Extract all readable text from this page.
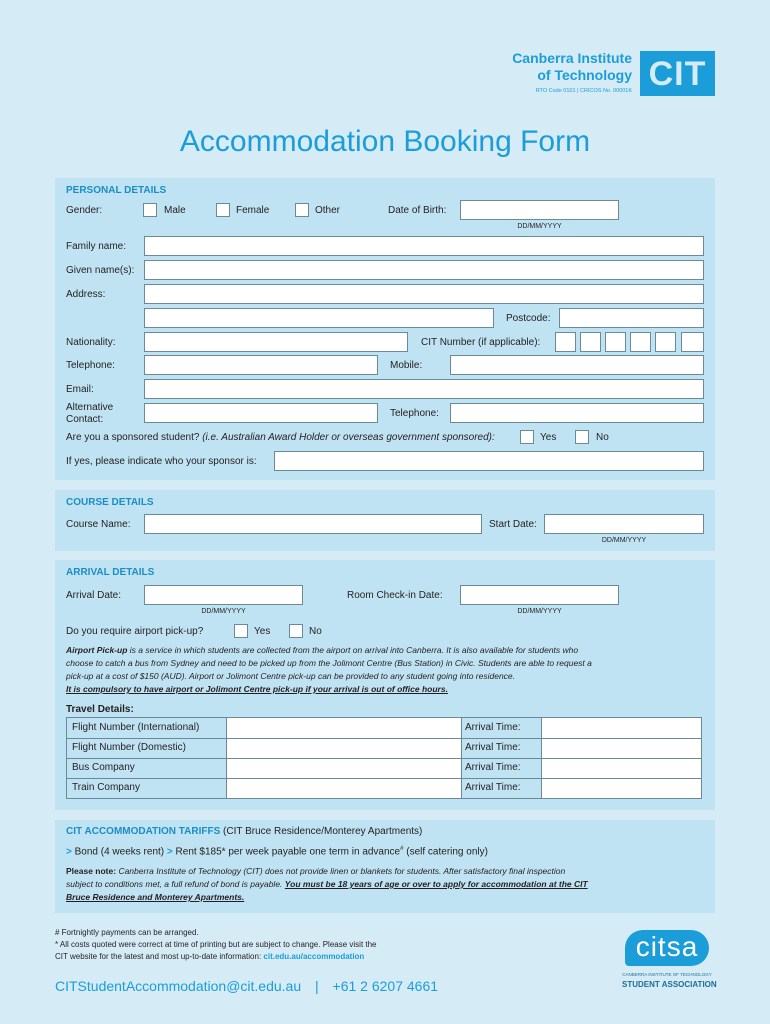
Canberra Institute
of Technology CIT
RTO Code 0101 | CRICOS No. 00001K
Accommodation Booking Form
PERSONAL DETAILS
Gender:	Male	Female	Other	Date of Birth:
DD/MM/YYYY
Family name:
Given name(s):
Address:
Postcode:
Nationality:	CIT Number (if applicable):
Telephone:	Mobile:
Email:
Alternative
Contact:
Telephone:
Are you a sponsored student? (i.e. Australian Award Holder or overseas government sponsored):	Yes	No
If yes, please indicate who your sponsor is:
COURSE DETAILS
Course Name:	Start Date:
DD/MM/YYYY
ARRIVAL DETAILS
Arrival Date:
DD/MM/YYYY
Room Check-in Date:
DD/MM/YYYY
Do you require airport pick-up?	Yes	No
Airport Pick-up is a service in which students are collected from the airport on arrival into Canberra. It is also available for students who
choose to catch a bus from Sydney and need to be picked up from the Jolimont Centre (Bus Station) in Civic. Students are able to request a
pick-up at a cost of $150 (AUD). Airport or Jolimont Centre pick-up can be provided to any student going into residence.
It is compulsory to have airport or Jolimont Centre pick-up if your arrival is out of office hours.
Travel Details:
Flight Number (International)	Arrival Time:
Flight Number (Domestic)	Arrival Time:
Bus Company	Arrival Time:
Train Company	Arrival Time:
CIT ACCOMMODATION TARIFFS (CIT Bruce Residence/Monterey Apartments)
> Bond (4 weeks rent) > Rent $185* per week payable one term in advance# (self catering only)
Please note: Canberra Institute of Technology (CIT) does not provide linen or blankets for students. After satisfactory final inspection
subject to conditions met, a full refund of bond is payable. You must be 18 years of age or over to apply for accommodation at the CIT
Bruce Residence and Monterey Apartments.
# Fortnightly payments can be arranged.
* All costs quoted were correct at time of printing but are subject to change. Please visit the
CIT website for the latest and most up-to-date information: cit.edu.au/accommodation
CITStudentAccommodation@cit.edu.au | +61 2 6207 4661
citsa
CANBERRA INSTITUTE OF TECHNOLOGY
STUDENT ASSOCIATION
